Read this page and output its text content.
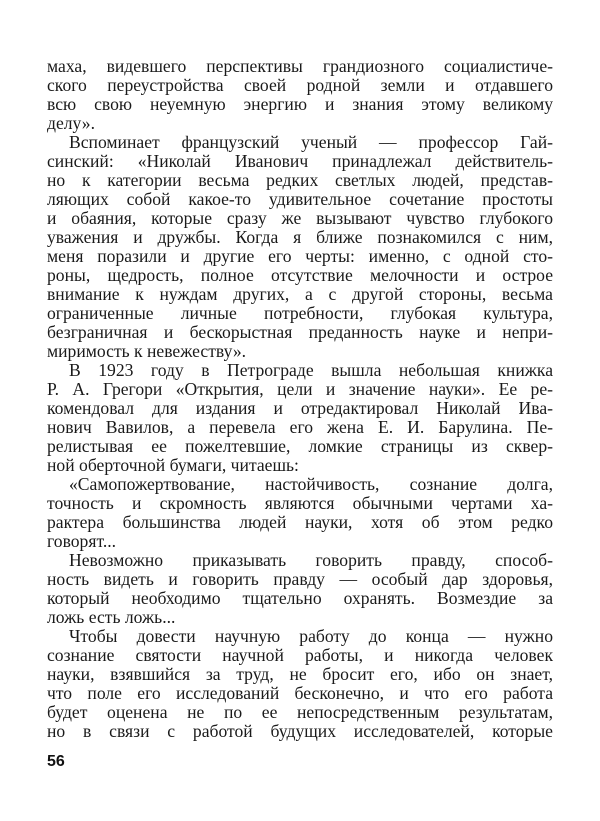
маха, видевшего перспективы грандиозного социалистиче-
ского переустройства своей родной земли и отдавшего
всю свою неуемную энергию и знания этому великому
делу».
Вспоминает французский ученый — профессор Гай-
синский: «Николай Иванович принадлежал действитель-
но к категории весьма редких светлых людей, представ-
ляющих собой какое-то удивительное сочетание простоты
и обаяния, которые сразу же вызывают чувство глубокого
уважения и дружбы. Когда я ближе познакомился с ним,
меня поразили и другие его черты: именно, с одной сто-
роны, щедрость, полное отсутствие мелочности и острое
внимание к нуждам других, а с другой стороны, весьма
ограниченные личные потребности, глубокая культура,
безграничная и бескорыстная преданность науке и непри-
миримость к невежеству».
В 1923 году в Петрограде вышла небольшая книжка
Р. А. Грегори «Открытия, цели и значение науки». Ее ре-
комендовал для издания и отредактировал Николай Ива-
нович Вавилов, а перевела его жена Е. И. Барулина. Пе-
релистывая ее пожелтевшие, ломкие страницы из сквер-
ной оберточной бумаги, читаешь:
«Самопожертвование, настойчивость, сознание долга,
точность и скромность являются обычными чертами ха-
рактера большинства людей науки, хотя об этом редко
говорят...
Невозможно приказывать говорить правду, способ-
ность видеть и говорить правду — особый дар здоровья,
который необходимо тщательно охранять. Возмездие за
ложь есть ложь...
Чтобы довести научную работу до конца — нужно
сознание святости научной работы, и никогда человек
науки, взявшийся за труд, не бросит его, ибо он знает,
что поле его исследований бесконечно, и что его работа
будет оценена не по ее непосредственным результатам,
но в связи с работой будущих исследователей, которые
56
